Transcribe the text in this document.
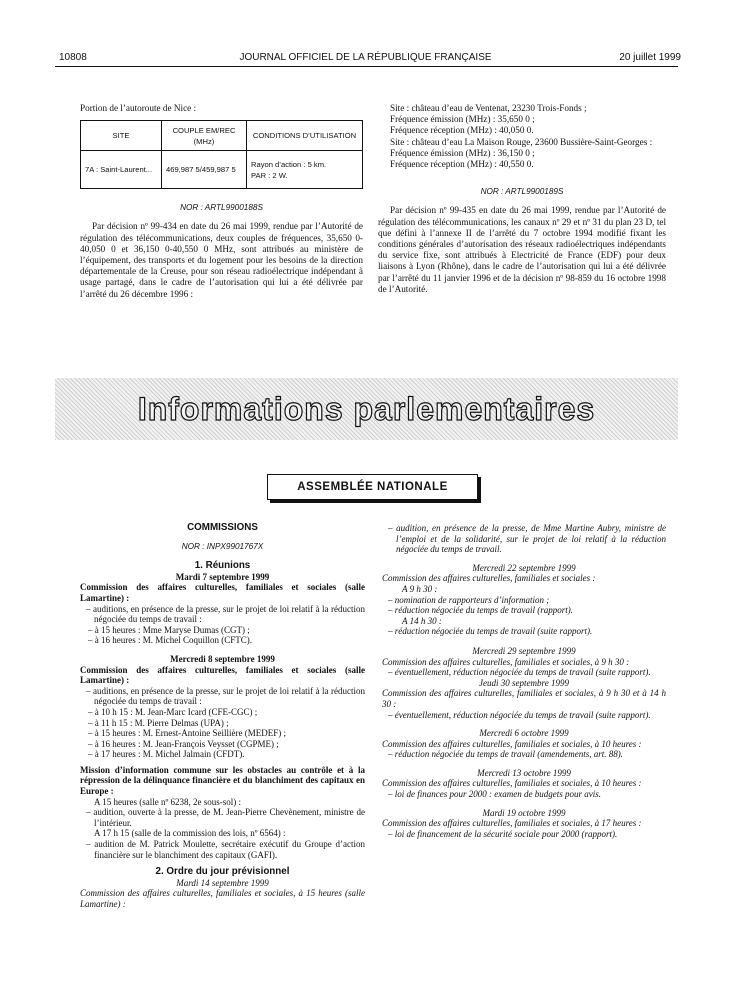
10808	JOURNAL OFFICIEL DE LA RÉPUBLIQUE FRANÇAISE	20 juillet 1999

Portion de l’autoroute de Nice :

SITE	COUPLE EM/REC (MHz)	CONDITIONS D’UTILISATION
7A : Saint-Laurent...	469,987 5/459,987 5	Rayon d’action : 5 km.
PAR : 2 W.

NOR : ARTL9900188S

Par décision nº 99-434 en date du 26 mai 1999, rendue par l’Autorité de régulation des télécommunications, deux couples de fréquences, 35,650 0-40,050 0 et 36,150 0-40,550 0 MHz, sont attribués au ministère de l’équipement, des transports et du logement pour les besoins de la direction départementale de la Creuse, pour son réseau radioélectrique indépendant à usage partagé, dans le cadre de l’autorisation qui lui a été délivrée par l’arrêté du 26 décembre 1996 :

Site : château d’eau de Ventenat, 23230 Trois-Fonds ;

Fréquence émission (MHz) : 35,650 0 ;

Fréquence réception (MHz) : 40,050 0.

Site : château d’eau La Maison Rouge, 23600 Bussière-Saint-Georges :

Fréquence émission (MHz) : 36,150 0 ;

Fréquence réception (MHz) : 40,550 0.

NOR : ARTL9900189S

Par décision nº 99-435 en date du 26 mai 1999, rendue par l’Autorité de régulation des télécommunications, les canaux nº 29 et nº 31 du plan 23 D, tel que défini à l’annexe II de l’arrêté du 7 octobre 1994 modifié fixant les conditions générales d’autorisation des réseaux radioélectriques indépendants du service fixe, sont attribués à Electricité de France (EDF) pour deux liaisons à Lyon (Rhône), dans le cadre de l’autorisation qui lui a été délivrée par l’arrêté du 11 janvier 1996 et de la décision nº 98-859 du 16 octobre 1998 de l’Autorité.

Informations parlementaires
ASSEMBLÉE NATIONALE

COMMISSIONS

NOR : INPX9901767X

1. Réunions

Mardi 7 septembre 1999

Commission des affaires culturelles, familiales et sociales (salle Lamartine) :

– auditions, en présence de la presse, sur le projet de loi relatif à la réduction négociée du temps de travail :

– à 15 heures : Mme Maryse Dumas (CGT) ;

– à 16 heures : M. Michel Coquillon (CFTC).

Mercredi 8 septembre 1999

Commission des affaires culturelles, familiales et sociales (salle Lamartine) :

– auditions, en présence de la presse, sur le projet de loi relatif à la réduction négociée du temps de travail :

– à 10 h 15 : M. Jean-Marc Icard (CFE-CGC) ;

– à 11 h 15 : M. Pierre Delmas (UPA) ;

– à 15 heures : M. Ernest-Antoine Seillière (MEDEF) ;

– à 16 heures : M. Jean-François Veysset (CGPME) ;

– à 17 heures : M. Michel Jalmain (CFDT).

Mission d’information commune sur les obstacles au contrôle et à la répression de la délinquance financière et du blanchiment des capitaux en Europe :

A 15 heures (salle nº 6238, 2e sous-sol) :

– audition, ouverte à la presse, de M. Jean-Pierre Chevènement, ministre de l’intérieur.

A 17 h 15 (salle de la commission des lois, nº 6564) :

– audition de M. Patrick Moulette, secrétaire exécutif du Groupe d’action financière sur le blanchiment des capitaux (GAFI).

2. Ordre du jour prévisionnel

Mardi 14 septembre 1999

Commission des affaires culturelles, familiales et sociales, à 15 heures (salle Lamartine) :

– audition, en présence de la presse, de Mme Martine Aubry, ministre de l’emploi et de la solidarité, sur le projet de loi relatif à la réduction négociée du temps de travail.

Mercredi 22 septembre 1999

Commission des affaires culturelles, familiales et sociales :

A 9 h 30 :

– nomination de rapporteurs d’information ;

– réduction négociée du temps de travail (rapport).

A 14 h 30 :

– réduction négociée du temps de travail (suite rapport).

Mercredi 29 septembre 1999

Commission des affaires culturelles, familiales et sociales, à 9 h 30 :

– éventuellement, réduction négociée du temps de travail (suite rapport).

Jeudi 30 septembre 1999

Commission des affaires culturelles, familiales et sociales, à 9 h 30 et à 14 h 30 :

– éventuellement, réduction négociée du temps de travail (suite rapport).

Mercredi 6 octobre 1999

Commission des affaires culturelles, familiales et sociales, à 10 heures :

– réduction négociée du temps de travail (amendements, art. 88).

Mercredi 13 octobre 1999

Commission des affaires culturelles, familiales et sociales, à 10 heures :

– loi de finances pour 2000 : examen de budgets pour avis.

Mardi 19 octobre 1999

Commission des affaires culturelles, familiales et sociales, à 17 heures :

– loi de financement de la sécurité sociale pour 2000 (rapport).
